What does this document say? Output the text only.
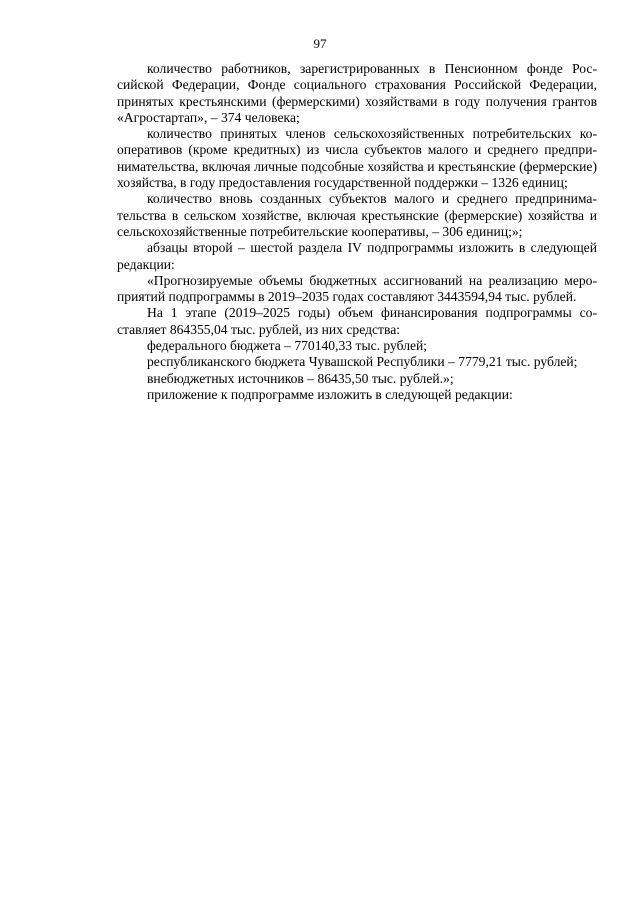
97

количество работников, зарегистрированных в Пенсионном фонде Российской Федерации, Фонде социального страхования Российской Федерации, принятых крестьянскими (фермерскими) хозяйствами в году получения грантов «Агростартап», – 374 человека;

количество принятых членов сельскохозяйственных потребительских кооперативов (кроме кредитных) из числа субъектов малого и среднего предпринимательства, включая личные подсобные хозяйства и крестьянские (фермерские) хозяйства, в году предоставления государственной поддержки – 1326 единиц;

количество вновь созданных субъектов малого и среднего предпринимательства в сельском хозяйстве, включая крестьянские (фермерские) хозяйства и сельскохозяйственные потребительские кооперативы, – 306 единиц;»;

абзацы второй – шестой раздела IV подпрограммы изложить в следующей редакции:

«Прогнозируемые объемы бюджетных ассигнований на реализацию мероприятий подпрограммы в 2019–2035 годах составляют 3443594,94 тыс. рублей.

На 1 этапе (2019–2025 годы) объем финансирования подпрограммы составляет 864355,04 тыс. рублей, из них средства:

федерального бюджета – 770140,33 тыс. рублей;

республиканского бюджета Чувашской Республики – 7779,21 тыс. рублей;

внебюджетных источников – 86435,50 тыс. рублей.»;

приложение к подпрограмме изложить в следующей редакции:
